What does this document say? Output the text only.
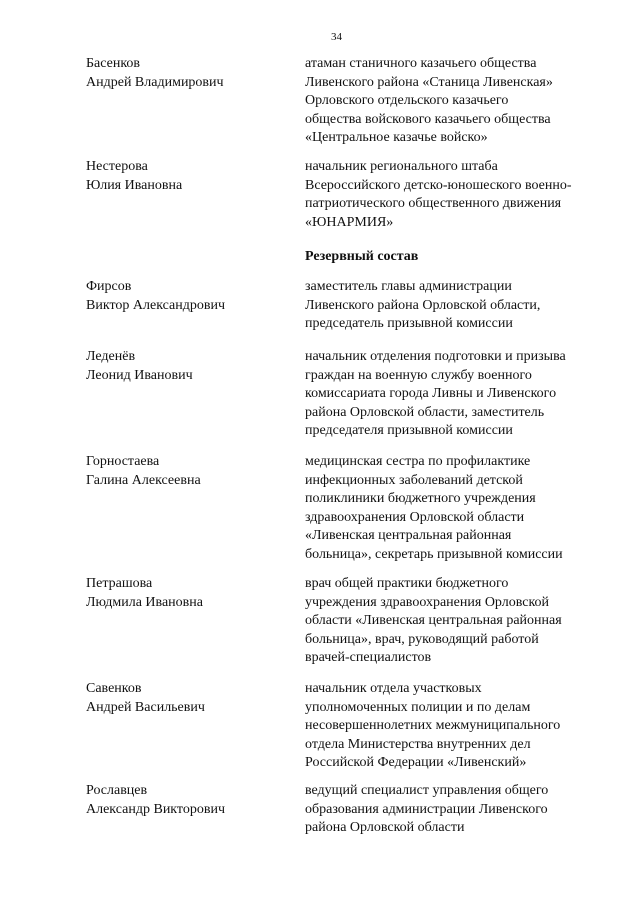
34
Басенков
Андрей Владимирович
атаман станичного казачьего общества
Ливенского района «Станица Ливенская»
Орловского отдельского казачьего
общества войскового казачьего общества
«Центральное казачье войско»
Нестерова
Юлия Ивановна
начальник регионального штаба
Всероссийского детско-юношеского военно-
патриотического общественного движения
«ЮНАРМИЯ»
Резервный состав
Фирсов
Виктор Александрович
заместитель главы администрации
Ливенского района Орловской области,
председатель призывной комиссии
Леденёв
Леонид Иванович
начальник отделения подготовки и призыва
граждан на военную службу военного
комиссариата города Ливны и Ливенского
района Орловской области, заместитель
председателя призывной комиссии
Горностаева
Галина Алексеевна
медицинская сестра по профилактике
инфекционных заболеваний детской
поликлиники бюджетного учреждения
здравоохранения Орловской области
«Ливенская центральная районная
больница», секретарь призывной комиссии
Петрашова
Людмила Ивановна
врач общей практики бюджетного
учреждения здравоохранения Орловской
области «Ливенская центральная районная
больница», врач, руководящий работой
врачей-специалистов
Савенков
Андрей Васильевич
начальник отдела участковых
уполномоченных полиции и по делам
несовершеннолетних межмуниципального
отдела Министерства внутренних дел
Российской Федерации «Ливенский»
Рославцев
Александр Викторович
ведущий специалист управления общего
образования администрации Ливенского
района Орловской области
